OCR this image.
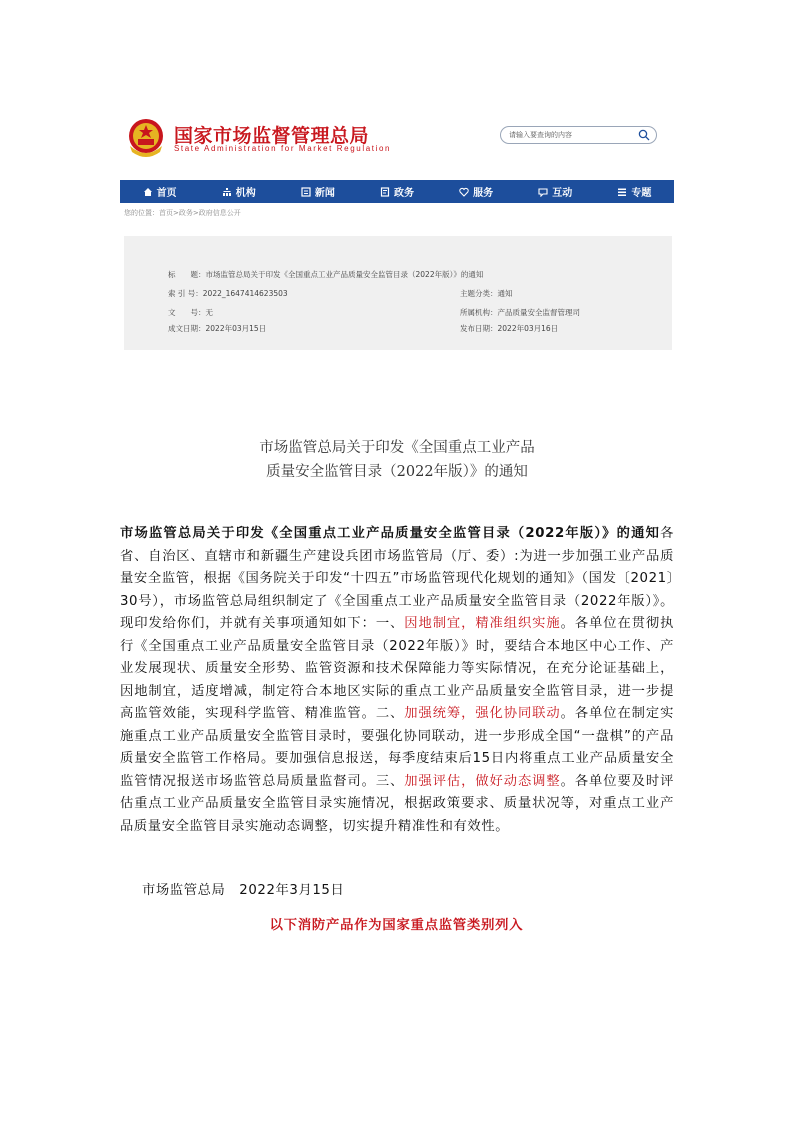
国家市场监督管理总局
State Administration for Market Regulation
请输入要查询的内容
首页	机构	新闻	政务	服务	互动	专题
您的位置：首页>政务>政府信息公开
标　　题：市场监管总局关于印发《全国重点工业产品质量安全监管目录（2022年版）》的通知
索 引 号：2022_1647414623503	主题分类：通知
文　　号：无	所属机构：产品质量安全监督管理司
成文日期：2022年03月15日	发布日期：2022年03月16日
市场监管总局关于印发《全国重点工业产品
质量安全监管目录（2022年版）》的通知
市场监管总局关于印发《全国重点工业产品质量安全监管目录（2022年版）》的通知各省、自治区、直辖市和新疆生产建设兵团市场监管局（厅、委）:为进一步加强工业产品质量安全监管，根据《国务院关于印发“十四五”市场监管现代化规划的通知》（国发〔2021〕30号），市场监管总局组织制定了《全国重点工业产品质量安全监管目录（2022年版）》。现印发给你们，并就有关事项通知如下：一、因地制宜，精准组织实施。各单位在贯彻执行《全国重点工业产品质量安全监管目录（2022年版）》时，要结合本地区中心工作、产业发展现状、质量安全形势、监管资源和技术保障能力等实际情况，在充分论证基础上，因地制宜，适度增减，制定符合本地区实际的重点工业产品质量安全监管目录，进一步提高监管效能，实现科学监管、精准监管。二、加强统筹，强化协同联动。各单位在制定实施重点工业产品质量安全监管目录时，要强化协同联动，进一步形成全国“一盘棋”的产品质量安全监管工作格局。要加强信息报送，每季度结束后15日内将重点工业产品质量安全监管情况报送市场监管总局质量监督司。三、加强评估，做好动态调整。各单位要及时评估重点工业产品质量安全监管目录实施情况，根据政策要求、质量状况等，对重点工业产品质量安全监管目录实施动态调整，切实提升精准性和有效性。
市场监管总局　2022年3月15日
以下消防产品作为国家重点监管类别列入
